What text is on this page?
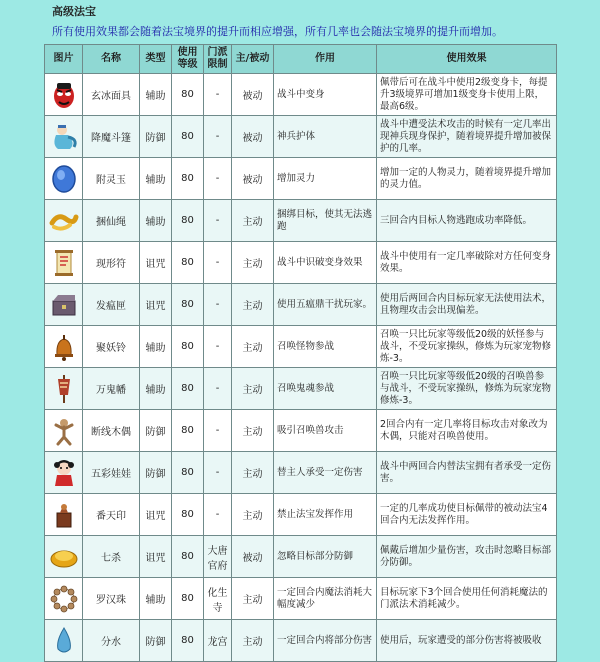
高级法宝
所有使用效果都会随着法宝境界的提升而相应增强，所有几率也会随法宝境界的提升而增加。
图片	名称	类型	使用等级	门派限制	主/被动	作用	使用效果

	玄冰面具	辅助	80	-	被动	战斗中变身	佩带后可在战斗中使用2级变身卡，每提升3级境界可增加1级变身卡使用上限，最高6级。

	降魔斗篷	防御	80	-	被动	神兵护体	战斗中遭受法术攻击的时候有一定几率出现神兵现身保护，随着境界提升增加被保护的几率。

	附灵玉	辅助	80	-	被动	增加灵力	增加一定的人物灵力，随着境界提升增加的灵力值。

	捆仙绳	辅助	80	-	主动	捆绑目标，使其无法逃跑	三回合内目标人物逃跑成功率降低。

	现形符	诅咒	80	-	主动	战斗中识破变身效果	战斗中使用有一定几率破除对方任何变身效果。

	发瘟匣	诅咒	80	-	主动	使用五瘟鼎干扰玩家。	使用后两回合内目标玩家无法使用法术，且物理攻击会出现偏差。

	聚妖铃	辅助	80	-	主动	召唤怪物参战	召唤一只比玩家等级低20级的妖怪参与战斗，不受玩家操纵，修炼为玩家宠物修炼-3。

	万鬼幡	辅助	80	-	主动	召唤鬼魂参战	召唤一只比玩家等级低20级的召唤兽参与战斗，不受玩家操纵，修炼为玩家宠物修炼-3。

	断线木偶	防御	80	-	主动	吸引召唤兽攻击	2回合内有一定几率将目标攻击对象改为木偶，只能对召唤兽使用。

	五彩娃娃	防御	80	-	主动	替主人承受一定伤害	战斗中两回合内替法宝拥有者承受一定伤害。

	番天印	诅咒	80	-	主动	禁止法宝发挥作用	一定的几率成功使目标佩带的被动法宝4回合内无法发挥作用。

	七杀	诅咒	80	大唐官府	被动	忽略目标部分防御	佩戴后增加少量伤害，攻击时忽略目标部分防御。

	罗汉珠	辅助	80	化生寺	主动	一定回合内魔法消耗大幅度减少	目标玩家下3个回合使用任何消耗魔法的门派法术消耗减少。

	分水	防御	80	龙宫	主动	一定回合内将部分伤害	使用后，玩家遭受的部分伤害将被吸收
